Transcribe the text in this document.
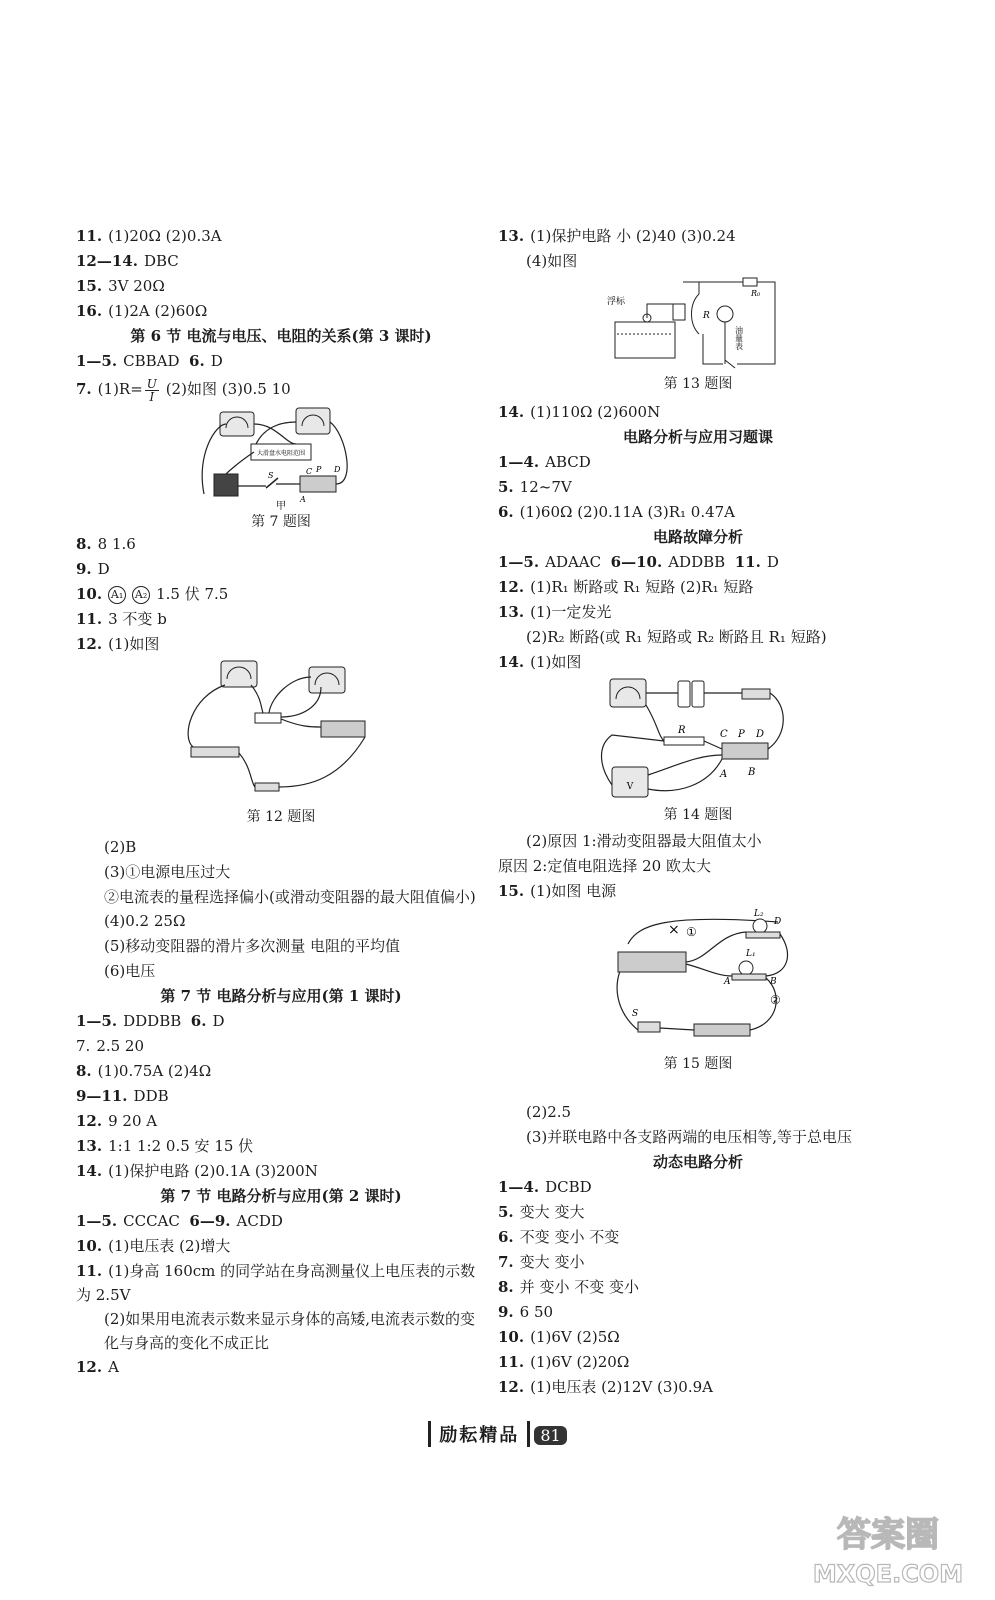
11. (1)20Ω (2)0.3A
12—14. DBC
15. 3V 20Ω
16. (1)2A (2)60Ω
第 6 节 电流与电压、电阻的关系(第 3 课时)
1—5. CBBAD 6. D
7. $(1)R= \frac{U}{I} (2)$如图 (3)0.5 10
大滑盘水电阻范围
S
P
C	D
A
甲
第 7 题图
8. 8 1.6
9. D
10. A₁ A₂ 1.5 伏 7.5
11. 3 不变 b
12. (1)如图
第 12 题图
(2)B
(3)①电源电压过大
②电流表的量程选择偏小(或滑动变阻器的最大阻值偏小)
(4)0.2 25Ω
(5)移动变阻器的滑片多次测量 电阻的平均值
(6)电压
第 7 节 电路分析与应用(第 1 课时)
1—5. DDDBB 6. D
7. 2.5 20
8. (1)0.75A (2)4Ω
9—11. DDB
12. 9 20 A
13. 1:1 1:2 0.5 安 15 伏
14. (1)保护电路 (2)0.1A (3)200N
第 7 节 电路分析与应用(第 2 课时)
1—5. CCCAC 6—9. ACDD
10. (1)电压表 (2)增大
11. (1)身高 160cm 的同学站在身高测量仪上电压表的示数为 2.5V
(2)如果用电流表示数来显示身体的高矮,电流表示数的变化与身高的变化不成正比
12. A
13. (1)保护电路 小 (2)40 (3)0.24
(4)如图
浮标
R
R₀
油量表
第 13 题图
14. (1)110Ω (2)600N
电路分析与应用习题课
1—4. ABCD
5. 12~7V
6. (1)60Ω (2)0.11A (3)R₁ 0.47A
电路故障分析
1—5. ADAAC 6—10. ADDBB 11. D
12. (1)R₁ 断路或 R₁ 短路 (2)R₁ 短路
13. (1)一定发光
(2)R₂ 断路(或 R₁ 短路或 R₂ 断路且 R₁ 短路)
14. (1)如图
R	C P D
A B
V
第 14 题图
(2)原因 1:滑动变阻器最大阻值太小
原因 2:定值电阻选择 20 欧太大
15. (1)如图 电源
× ①
L₂
D
L₁
A	B
②
S
第 15 题图
(2)2.5
(3)并联电路中各支路两端的电压相等,等于总电压
动态电路分析
1—4. DCBD
5. 变大 变大
6. 不变 变小 不变
7. 变大 变小
8. 并 变小 不变 变小
9. 6 50
10. (1)6V (2)5Ω
11. (1)6V (2)20Ω
12. (1)电压表 (2)12V (3)0.9A
励耘精品 81
答案圈
MXQE.COM
